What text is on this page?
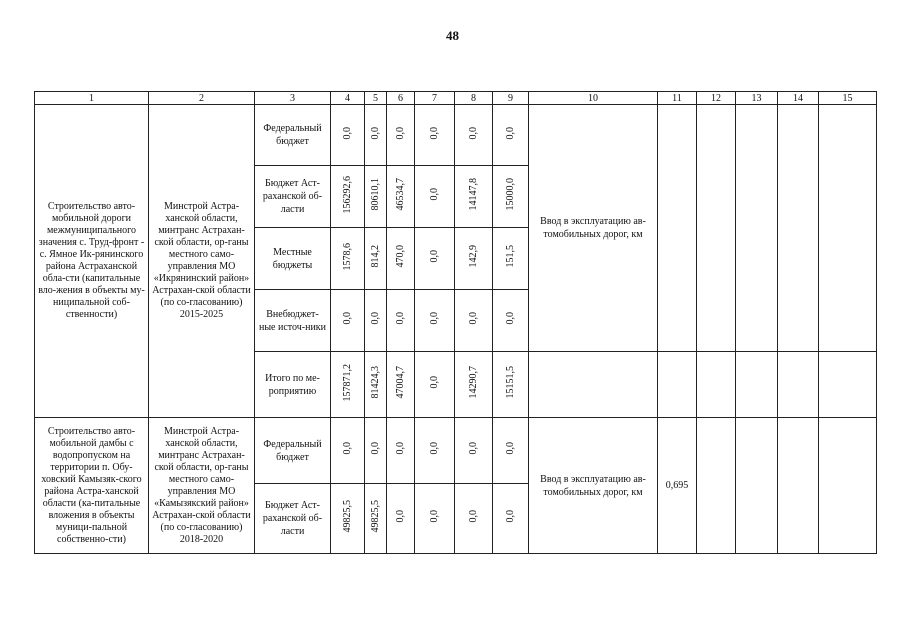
48
1	2	3	4	5	6	7	8	9	10	11	12	13	14	15
Строительство авто-мобильной дороги межмуниципального значения с. Труд-фронт - с. Ямное Ик-рянинского района Астраханской обла-сти (капитальные вло-жения в объекты му-ниципальной соб-ственности)	Минстрой Астра-ханской области, минтранс Астрахан-ской области, ор-ганы местного само-управления МО «Икрянинский район» Астрахан-ской области (по со-гласованию) 2015-2025	Федеральный бюджет	0,0	0,0	0,0	0,0	0,0	0,0	Ввод в эксплуатацию ав-томобильных дорог, км					
		Бюджет Аст-раханской об-ласти	156292,6	80610,1	46534,7	0,0	14147,8	15000,0						
		Местные бюджеты	1578,6	814,2	470,0	0,0	142,9	151,5						
		Внебюджет-ные источ-ники	0,0	0,0	0,0	0,0	0,0	0,0						
		Итого по ме-роприятию	157871,2	81424,3	47004,7	0,0	14290,7	15151,5						
Строительство авто-мобильной дамбы с водопропуском на территории п. Обу-ховский Камызяк-ского района Астра-ханской области (ка-питальные вложения в объекты муници-пальной собственно-сти)	Минстрой Астра-ханской области, минтранс Астрахан-ской области, ор-ганы местного само-управления МО «Камызякский район» Астрахан-ской области (по со-гласованию) 2018-2020	Федеральный бюджет	0,0	0,0	0,0	0,0	0,0	0,0	Ввод в эксплуатацию ав-томобильных дорог, км	0,695				
		Бюджет Аст-раханской об-ласти	49825,5	49825,5	0,0	0,0	0,0	0,0						
